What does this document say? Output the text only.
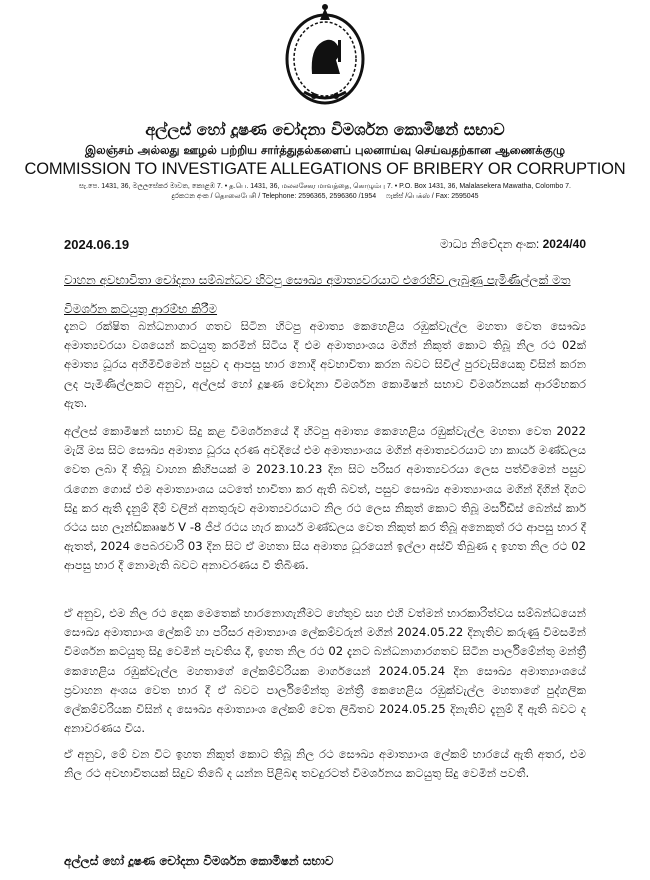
අල්ලස් හෝ දූෂණ චෝදනා විමර්ශන කොමිෂන් සභාව
இலஞ்சம் அல்லது ஊழல் பற்றிய சார்த்துதல்களைப் புலனாய்வு செய்வதற்கான ஆணைக்குழு
COMMISSION TO INVESTIGATE ALLEGATIONS OF BRIBERY OR CORRUPTION
සැ.පෙ. 1431, 36, මලලසේකර මාවත, කොළඹ 7. • த.பெ. 1431, 36, மலலசேகர மாவத்தை, கொழும்பு 7. • P.O. Box 1431, 36, Malalasekera Mawatha, Colombo 7.
දුරකථන අංක / தொலைபேசி / Telephone: 2596365, 2596360 /1954 ෆැක්ස් /பெக்ஸ் / Fax: 2595045
2024.06.19	මාධ්‍ය නිවේදන අංක: 2024/40
වාහන අවභාවිතා චෝදනා සම්බන්ධව හිටපු සෞඛ්‍ය අමාත්‍යවරයාට එරෙහිව ලැබුණු පැමිණිල්ලක් මත විමර්ශන කටයුතු ආරම්භ කිරීම
දැනට රක්ෂිත බන්ධනාගාර ගතව සිටින හිටපු අමාත්‍ය කෙහෙළිය රඹුක්වැල්ල මහතා වෙත සෞඛ්‍ය අමාත්‍යවරයා වශයෙන් කටයුතු කරමින් සිටිය දී එම අමාත්‍යාංශය මගින් නිකුත් කොට තිබූ නිල රථ 02ක් අමාත්‍ය ධූරය අහිමිවීමෙන් පසුව ද ආපසු භාර නොදී අවභාවිතා කරන බවට සිවිල් පුරවැසියෙකු විසින් කරන ලද පැමිණිල්ලකට අනුව, අල්ලස් හෝ දූෂණ චෝදනා විමර්ශන කොමිෂන් සභාව විමර්ශනයක් ආරම්භකර ඇත.
අල්ලස් කොමිෂන් සභාව සිදු කළ විමර්ශනයේ දී හිටපු අමාත්‍ය කෙහෙළිය රඹුක්වැල්ල මහතා වෙත 2022 මැයි මස සිට සෞඛ්‍ය අමාත්‍ය ධූරය දරණ අවදියේ එම අමාත්‍යාංශය මගින් අමාත්‍යවරයාට හා කාර්ය මණ්ඩලය වෙත ලබා දී තිබූ වාහන කිහිපයක් ම 2023.10.23 දින සිට පරිසර අමාත්‍යවරයා ලෙස පත්වීමෙන් පසුව රැගෙන ගොස් එම අමාත්‍යාංශය යටතේ භාවිතා කර ඇති බවත්, පසුව සෞඛ්‍ය අමාත්‍යාංශය මගින් දිගින් දිගට සිදු කර ඇති දැනුම් දීම් වලින් අනතුරුව අමාත්‍යවරයාට නිල රථ ලෙස නිකුත් කොට තිබූ මර්සිඩීස් බෙන්ස් කාර් රථය සහ ලෑන්ඩ්කෲෂර් V -8 ජීප් රථය හැර කාර්ය මණ්ඩලය වෙත නිකුත් කර තිබූ අනෙකුත් රථ ආපසු භාර දී ඇතත්, 2024 පෙබරවාරි 03 දින සිට ඒ මහතා සිය අමාත්‍ය ධූරයෙන් ඉල්ලා අස්වී තිබුණ ද ඉහත නිල රථ 02 ආපසු භාර දී නොමැති බවට අනාවරණය වී තිබිණ.
ඒ අනුව, එම නිල රථ දෙක මෙතෙක් භාරනොගැනීමට හේතුව සහ එහි වත්මන් භාරකාරිත්වය සම්බන්ධයෙන් සෞඛ්‍ය අමාත්‍යාංශ ලේකම් හා පරිසර අමාත්‍යාංශ ලේකම්වරුන් මගින් 2024.05.22 දිනැතිව කරුණු විමසමින් විමර්ශන කටයුතු සිදු වෙමින් පැවතිය දී, ඉහත නිල රථ 02 දැනට බන්ධනාගාරගතව සිටින පාර්ලිමේන්තු මන්ත්‍රී කෙහෙළිය රඹුක්වැල්ල මහතාගේ ලේකම්වරියක මාර්ගයෙන් 2024.05.24 දින සෞඛ්‍ය අමාත්‍යාංශයේ ප්‍රවාහන අංශය වෙත භාර දී ඒ බවට පාර්ලිමේන්තු මන්ත්‍රී කෙහෙළිය රඹුක්වැල්ල මහතාගේ පුද්ගලික ලේකම්වරියක විසින් ද සෞඛ්‍ය අමාත්‍යාංශ ලේකම් වෙත ලිඛිතව 2024.05.25 දිනැතිව දැනුම් දී ඇති බවට ද අනාවරණය විය.
ඒ අනුව, මේ වන විට ඉහත නිකුත් කොට තිබූ නිල රථ සෞඛ්‍ය අමාත්‍යාංශ ලේකම් භාරයේ ඇති අතර, එම නිල රථ අවභාවිතයක් සිදුව තිබේ ද යන්න පිළිබඳ තවදුරටත් විමර්ශනය කටයුතු සිදු වෙමින් පවතී.
අල්ලස් හෝ දූෂණ චෝදනා විමර්ශන කොමිෂන් සභාව
